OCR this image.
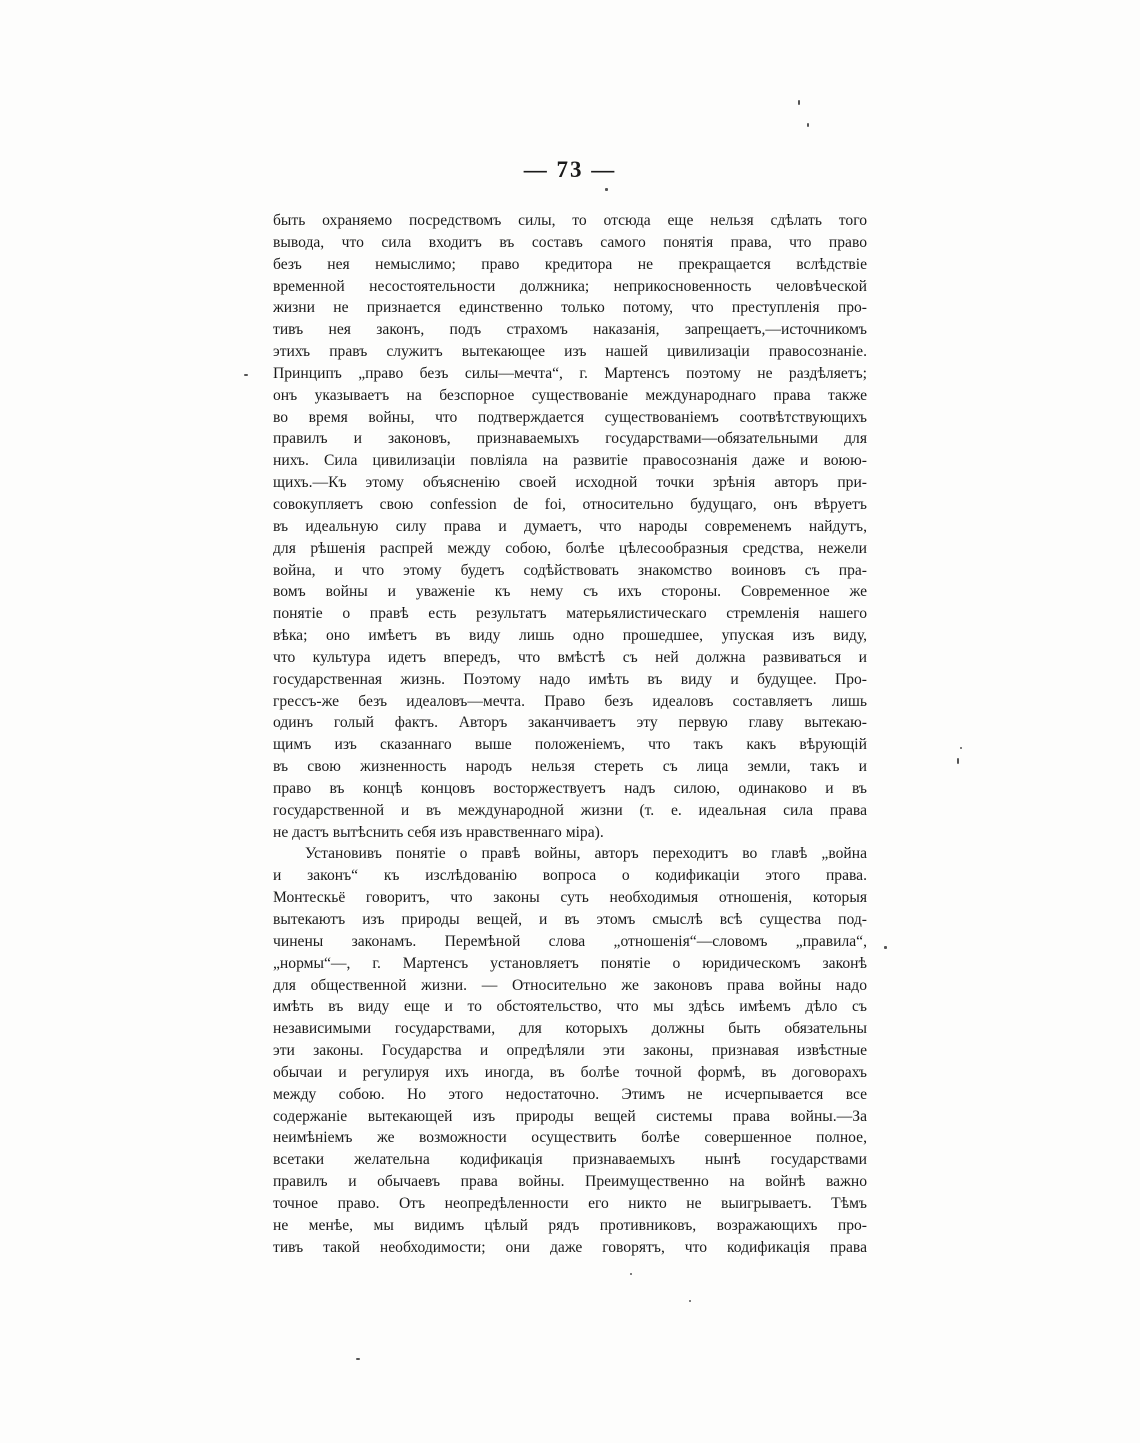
— 73 —
быть охраняемо посредствомъ силы, то отсюда еще нельзя сдѣлать того
вывода, что сила входитъ въ составъ самого понятія права, что право
безъ нея немыслимо; право кредитора не прекращается вслѣдствіе
временной несостоятельности должника; неприкосновенность человѣческой
жизни не признается единственно только потому, что преступленія про-
тивъ нея законъ, подъ страхомъ наказанія, запрещаетъ,—источникомъ
этихъ правъ служитъ вытекающее изъ нашей цивилизаціи правосознаніе.
Принципъ „право безъ силы—мечта“, г. Мартенсъ поэтому не раздѣляетъ;
онъ указываетъ на безспорное существованіе международнаго права также
во время войны, что подтверждается существованіемъ соотвѣтствующихъ
правилъ и законовъ, признаваемыхъ государствами—обязательными для
нихъ. Сила цивилизаціи повліяла на развитіе правосознанія даже и воюю-
щихъ.—Къ этому объясненію своей исходной точки зрѣнія авторъ при-
совокупляетъ свою confession de foi, относительно будущаго, онъ вѣруетъ
въ идеальную силу права и думаетъ, что народы современемъ найдутъ,
для рѣшенія распрей между собою, болѣе цѣлесообразныя средства, нежели
война, и что этому будетъ содѣйствовать знакомство воиновъ съ пра-
вомъ войны и уваженіе къ нему съ ихъ стороны. Современное же
понятіе о правѣ есть результатъ матерьялистическаго стремленія нашего
вѣка; оно имѣетъ въ виду лишь одно прошедшее, упуская изъ виду,
что культура идетъ впередъ, что вмѣстѣ съ ней должна развиваться и
государственная жизнь. Поэтому надо имѣть въ виду и будущее. Про-
грессъ-же безъ идеаловъ—мечта. Право безъ идеаловъ составляетъ лишь
одинъ голый фактъ. Авторъ заканчиваетъ эту первую главу вытекаю-
щимъ изъ сказаннаго выше положеніемъ, что такъ какъ вѣрующій
въ свою жизненность народъ нельзя стереть съ лица земли, такъ и
право въ концѣ концовъ восторжествуетъ надъ силою, одинаково и въ
государственной и въ международной жизни (т. е. идеальная сила права
не дастъ вытѣснить себя изъ нравственнаго міра).
Установивъ понятіе о правѣ войны, авторъ переходитъ во главѣ „война
и законъ“ къ изслѣдованію вопроса о кодификаціи этого права.
Монтескьё говоритъ, что законы суть необходимыя отношенія, которыя
вытекаютъ изъ природы вещей, и въ этомъ смыслѣ всѣ существа под-
чинены законамъ. Перемѣной слова „отношенія“—словомъ „правила“,
„нормы“—, г. Мартенсъ установляетъ понятіе о юридическомъ законѣ
для общественной жизни. — Относительно же законовъ права войны надо
имѣть въ виду еще и то обстоятельство, что мы здѣсь имѣемъ дѣло съ
независимыми государствами, для которыхъ должны быть обязательны
эти законы. Государства и опредѣляли эти законы, признавая извѣстные
обычаи и регулируя ихъ иногда, въ болѣе точной формѣ, въ договорахъ
между собою. Но этого недостаточно. Этимъ не исчерпывается все
содержаніе вытекающей изъ природы вещей системы права войны.—За
неимѣніемъ же возможности осуществить болѣе совершенное полное,
всетаки желательна кодификація признаваемыхъ нынѣ государствами
правилъ и обычаевъ права войны. Преимущественно на войнѣ важно
точное право. Отъ неопредѣленности его никто не выигрываетъ. Тѣмъ
не менѣе, мы видимъ цѣлый рядъ противниковъ, возражающихъ про-
тивъ такой необходимости; они даже говорятъ, что кодификація права
